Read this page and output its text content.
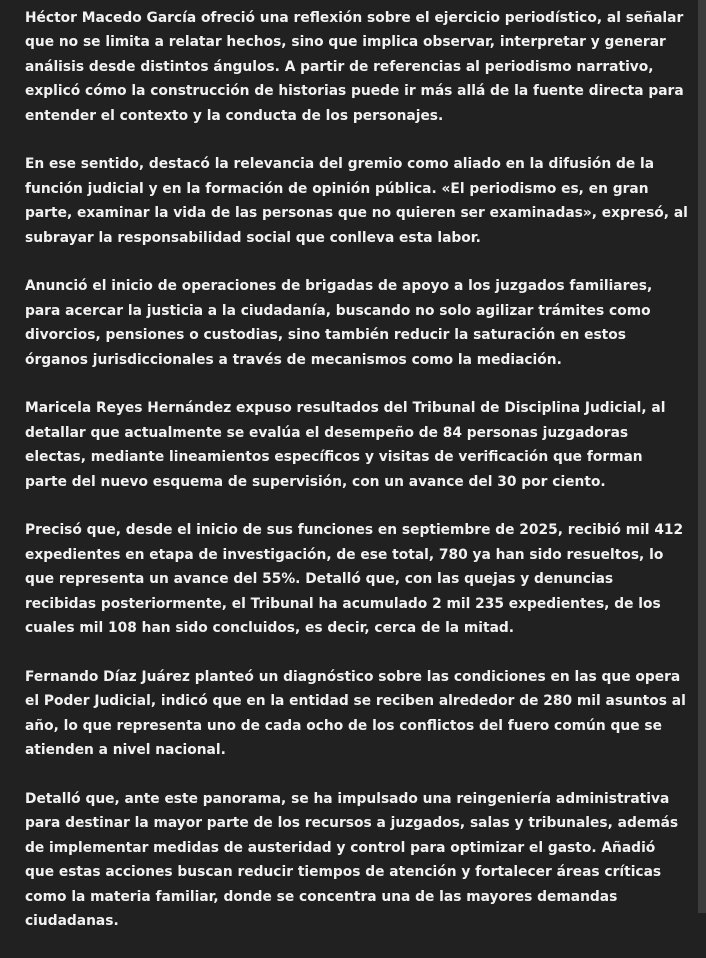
Héctor Macedo García ofreció una reflexión sobre el ejercicio periodístico, al señalar que no se limita a relatar hechos, sino que implica observar, interpretar y generar análisis desde distintos ángulos. A partir de referencias al periodismo narrativo, explicó cómo la construcción de historias puede ir más allá de la fuente directa para entender el contexto y la conducta de los personajes.

En ese sentido, destacó la relevancia del gremio como aliado en la difusión de la función judicial y en la formación de opinión pública. «El periodismo es, en gran parte, examinar la vida de las personas que no quieren ser examinadas», expresó, al subrayar la responsabilidad social que conlleva esta labor.

Anunció el inicio de operaciones de brigadas de apoyo a los juzgados familiares, para acercar la justicia a la ciudadanía, buscando no solo agilizar trámites como divorcios, pensiones o custodias, sino también reducir la saturación en estos órganos jurisdiccionales a través de mecanismos como la mediación.

Maricela Reyes Hernández expuso resultados del Tribunal de Disciplina Judicial, al detallar que actualmente se evalúa el desempeño de 84 personas juzgadoras electas, mediante lineamientos específicos y visitas de verificación que forman parte del nuevo esquema de supervisión, con un avance del 30 por ciento.

Precisó que, desde el inicio de sus funciones en septiembre de 2025, recibió mil 412 expedientes en etapa de investigación, de ese total, 780 ya han sido resueltos, lo que representa un avance del 55%. Detalló que, con las quejas y denuncias recibidas posteriormente, el Tribunal ha acumulado 2 mil 235 expedientes, de los cuales mil 108 han sido concluidos, es decir, cerca de la mitad.

Fernando Díaz Juárez planteó un diagnóstico sobre las condiciones en las que opera el Poder Judicial, indicó que en la entidad se reciben alrededor de 280 mil asuntos al año, lo que representa uno de cada ocho de los conflictos del fuero común que se atienden a nivel nacional.

Detalló que, ante este panorama, se ha impulsado una reingeniería administrativa para destinar la mayor parte de los recursos a juzgados, salas y tribunales, además de implementar medidas de austeridad y control para optimizar el gasto. Añadió que estas acciones buscan reducir tiempos de atención y fortalecer áreas críticas como la materia familiar, donde se concentra una de las mayores demandas ciudadanas.
